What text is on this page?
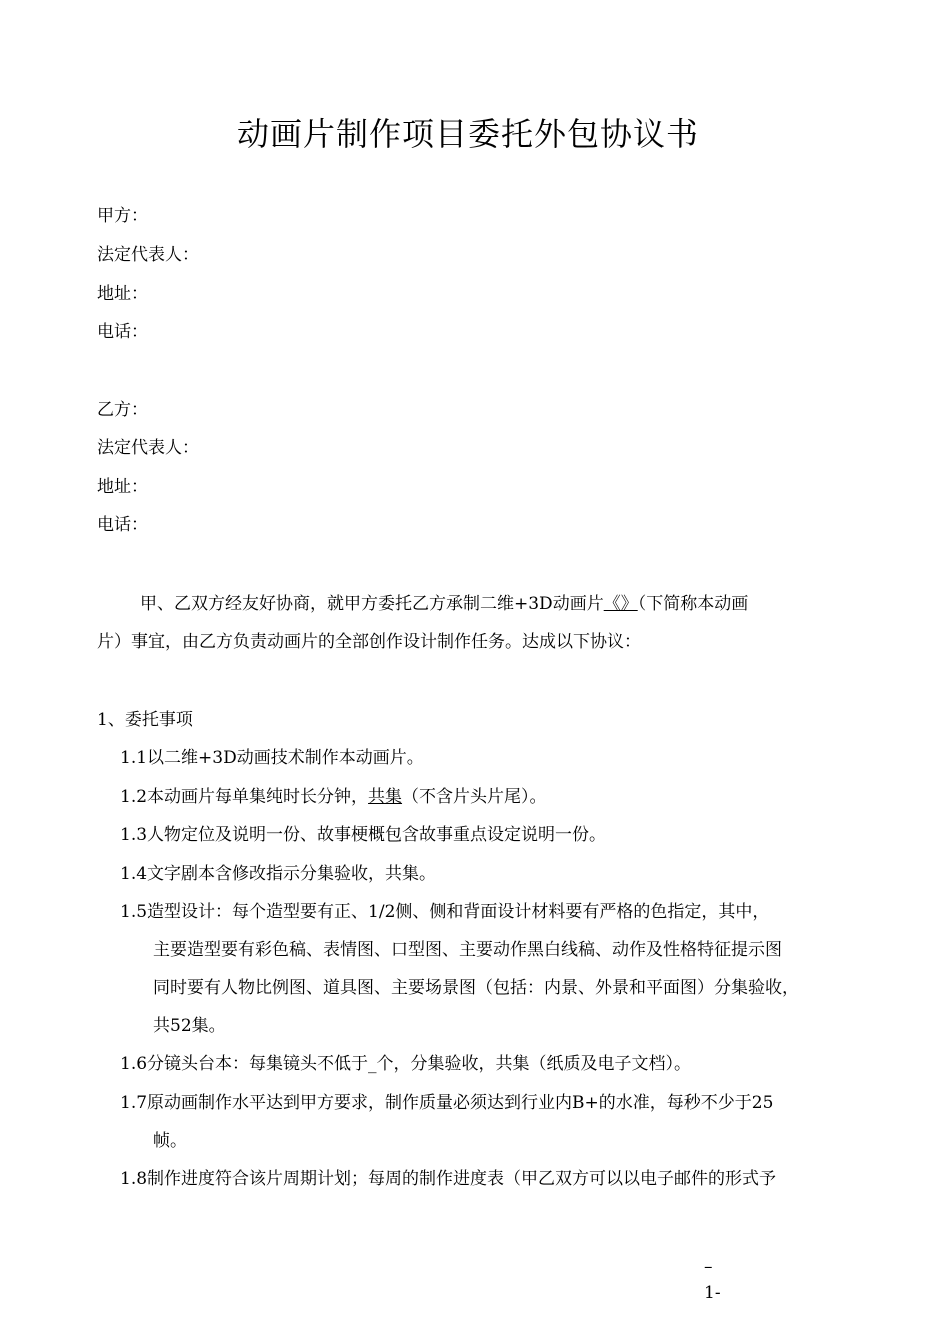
动画片制作项目委托外包协议书
甲方：
法定代表人：
地址：
电话：
乙方：
法定代表人：
地址：
电话：
甲、乙双方经友好协商，就甲方委托乙方承制二维+3D动画片《》（下简称本动画
片）事宜，由乙方负责动画片的全部创作设计制作任务。达成以下协议：
1、委托事项
1.1以二维+3D动画技术制作本动画片。
1.2本动画片每单集纯时长分钟，共集（不含片头片尾）。
1.3人物定位及说明一份、故事梗概包含故事重点设定说明一份。
1.4文字剧本含修改指示分集验收，共集。
1.5造型设计：每个造型要有正、1/2侧、侧和背面设计材料要有严格的色指定，其中，
主要造型要有彩色稿、表情图、口型图、主要动作黑白线稿、动作及性格特征提示图
同时要有人物比例图、道具图、主要场景图（包括：内景、外景和平面图）分集验收，
共52集。
1.6分镜头台本：每集镜头不低于_个，分集验收，共集（纸质及电子文档）。
1.7原动画制作水平达到甲方要求，制作质量必须达到行业内B+的水准，每秒不少于25
帧。
1.8制作进度符合该片周期计划；每周的制作进度表（甲乙双方可以以电子邮件的形式予
–
1-
